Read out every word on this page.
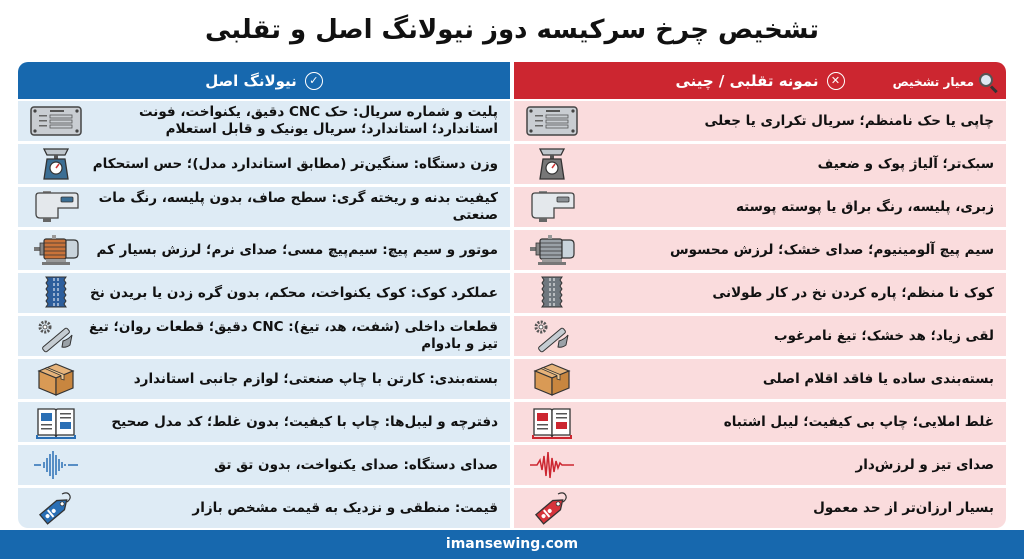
تشخیص چرخ سرکیسه دوز نیولانگ اصل و تقلبی
✓
نیولانگ اصل
پلیت و شماره سریال: حک CNC دقیق، یکنواخت، فونت استاندارد؛ استاندارد؛ سریال یونیک و قابل استعلام
وزن دستگاه: سنگین‌تر (مطابق استاندارد مدل)؛ حس استحکام
کیفیت بدنه و ریخته گری: سطح صاف، بدون پلیسه، رنگ مات صنعتی
موتور و سیم پیچ: سیم‌پیچ مسی؛ صدای نرم؛ لرزش بسیار کم
عملکرد کوک: کوک یکنواخت، محکم، بدون گره زدن یا بریدن نخ
قطعات داخلی (شفت، هد، تیغ): CNC دقیق؛ قطعات روان؛ تیغ تیز و بادوام
بسته‌بندی: کارتن با چاپ صنعتی؛ لوازم جانبی استاندارد
دفترچه و لیبل‌ها: چاپ با کیفیت؛ بدون غلط؛ کد مدل صحیح
صدای دستگاه: صدای یکنواخت، بدون تق تق
قیمت: منطقی و نزدیک به قیمت مشخص بازار
✕
نمونه تقلبی / چینی	معیار تشخیص
چاپی یا حک نامنظم؛ سریال تکراری یا جعلی
سبک‌تر؛ آلیاژ پوک و ضعیف
زبری، پلیسه، رنگ براق یا پوسته پوسته
سیم پیچ آلومینیوم؛ صدای خشک؛ لرزش محسوس
کوک نا منظم؛ پاره کردن نخ در کار طولانی
لقی زیاد؛ هد خشک؛ تیغ نامرغوب
بسته‌بندی ساده یا فاقد اقلام اصلی
غلط املایی؛ چاپ بی کیفیت؛ لیبل اشتباه
صدای تیز و لرزش‌دار
بسیار ارزان‌تر از حد معمول
imansewing.com
